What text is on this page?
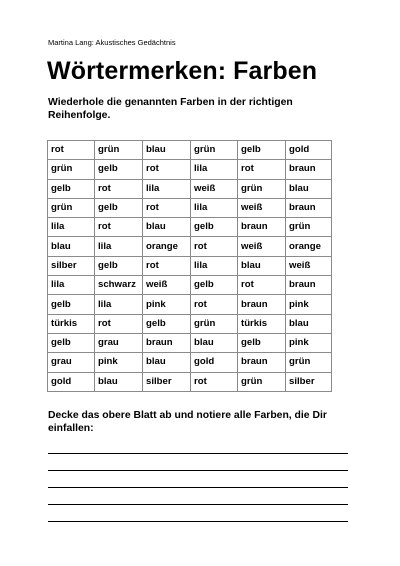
Martina Lang: Akustisches Gedächtnis
Wörtermerken: Farben
Wiederhole die genannten Farben in der richtigen Reihenfolge.
rot	grün	blau	grün	gelb	gold
grün	gelb	rot	lila	rot	braun
gelb	rot	lila	weiß	grün	blau
grün	gelb	rot	lila	weiß	braun
lila	rot	blau	gelb	braun	grün
blau	lila	orange	rot	weiß	orange
silber	gelb	rot	lila	blau	weiß
lila	schwarz	weiß	gelb	rot	braun
gelb	lila	pink	rot	braun	pink
türkis	rot	gelb	grün	türkis	blau
gelb	grau	braun	blau	gelb	pink
grau	pink	blau	gold	braun	grün
gold	blau	silber	rot	grün	silber
Decke das obere Blatt ab und notiere alle Farben, die Dir einfallen:
